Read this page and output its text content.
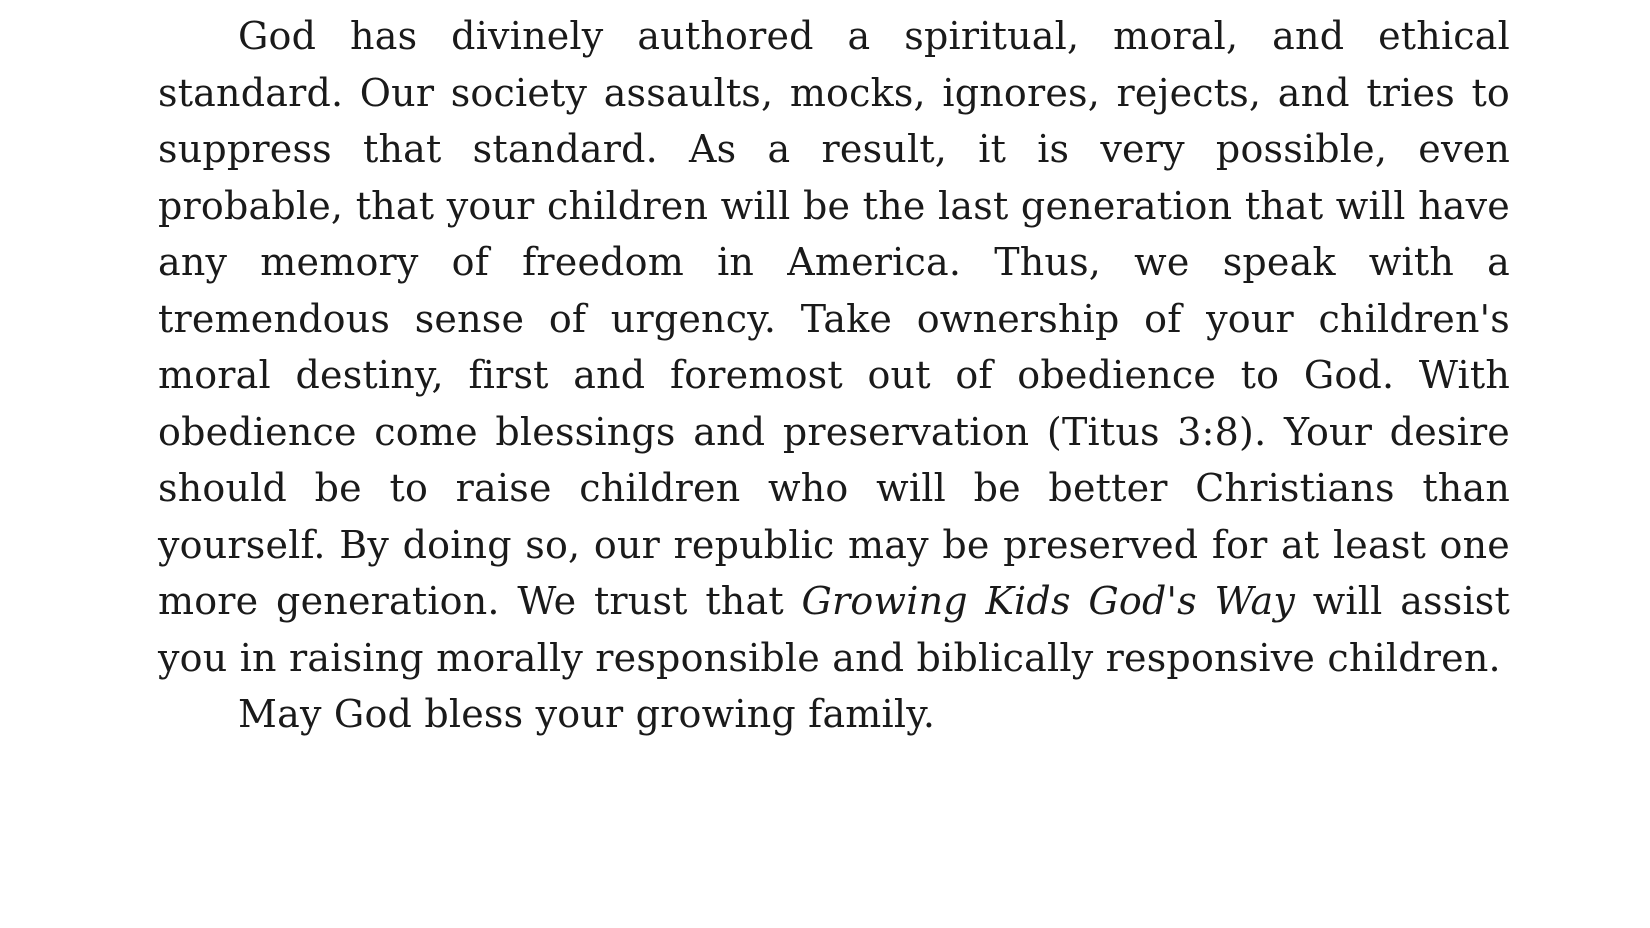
God has divinely authored a spiritual, moral, and ethical standard. Our society assaults, mocks, ignores, rejects, and tries to suppress that standard. As a result, it is very possible, even probable, that your children will be the last generation that will have any memory of freedom in America. Thus, we speak with a tremendous sense of urgency. Take ownership of your children's moral destiny, first and foremost out of obedience to God. With obedience come blessings and preservation (Titus 3:8). Your desire should be to raise children who will be better Christians than yourself. By doing so, our republic may be preserved for at least one more generation. We trust that Growing Kids God's Way will assist you in raising morally responsible and biblically responsive children.

May God bless your growing family.
